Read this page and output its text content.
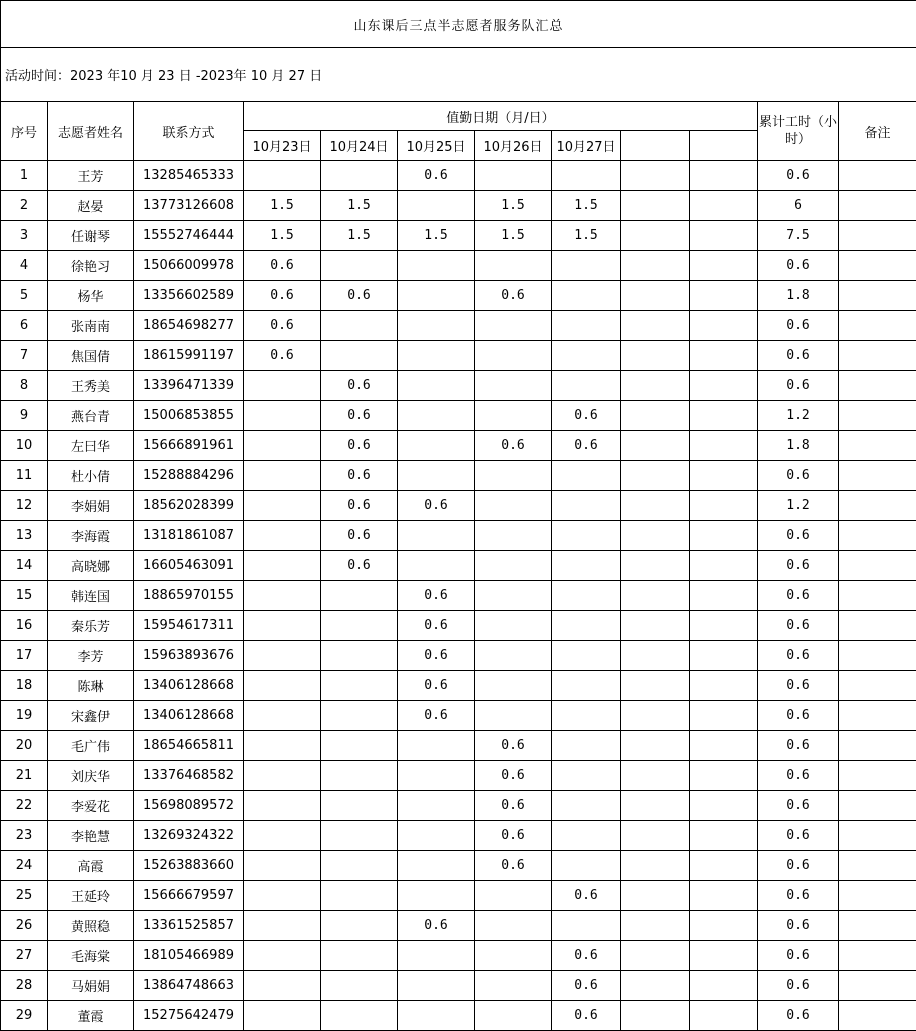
山东课后三点半志愿者服务队汇总											
活动时间：2023 年10 月 23 日 -2023年 10 月 27 日											
序号	志愿者姓名	联系方式	值勤日期（月/日）							累计工时（小时）	备注
			10月23日	10月24日	10月25日	10月26日	10月27日				
1	王芳	13285465333			0.6					0.6	
2	赵晏	13773126608	1.5	1.5		1.5	1.5			6	
3	任谢琴	15552746444	1.5	1.5	1.5	1.5	1.5			7.5	
4	徐艳习	15066009978	0.6							0.6	
5	杨华	13356602589	0.6	0.6		0.6				1.8	
6	张南南	18654698277	0.6							0.6	
7	焦国倩	18615991197	0.6							0.6	
8	王秀美	13396471339		0.6						0.6	
9	燕台青	15006853855		0.6			0.6			1.2	
10	左曰华	15666891961		0.6		0.6	0.6			1.8	
11	杜小倩	15288884296		0.6						0.6	
12	李娟娟	18562028399		0.6	0.6					1.2	
13	李海霞	13181861087		0.6						0.6	
14	高晓娜	16605463091		0.6						0.6	
15	韩连国	18865970155			0.6					0.6	
16	秦乐芳	15954617311			0.6					0.6	
17	李芳	15963893676			0.6					0.6	
18	陈琳	13406128668			0.6					0.6	
19	宋鑫伊	13406128668			0.6					0.6	
20	毛广伟	18654665811				0.6				0.6	
21	刘庆华	13376468582				0.6				0.6	
22	李爱花	15698089572				0.6				0.6	
23	李艳慧	13269324322				0.6				0.6	
24	高霞	15263883660				0.6				0.6	
25	王延玲	15666679597					0.6			0.6	
26	黄照稳	13361525857			0.6					0.6	
27	毛海棠	18105466989					0.6			0.6	
28	马娟娟	13864748663					0.6			0.6	
29	董霞	15275642479					0.6			0.6	
